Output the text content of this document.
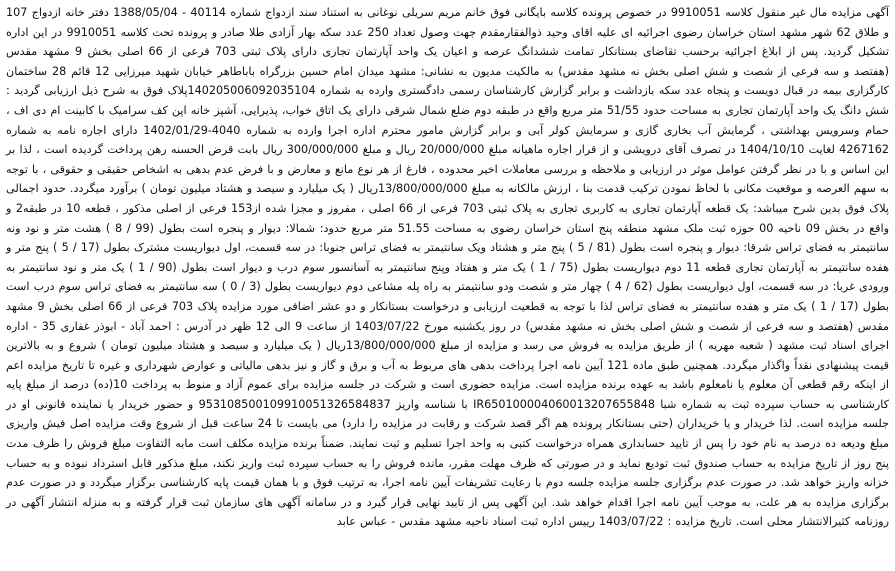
آگهی مزایده مال غیر منقول کلاسه 9910051 در خصوص پرونده کلاسه بایگانی فوق خانم مریم سریلی نوغانی به استناد سند ازدواج شماره 40114 - 1388/05/04 دفتر خانه ازدواج 107 و طلاق 62 شهر مشهد استان خراسان رضوی اجرائیه ای علیه اقای وحید ذوالفقارمقدم جهت وصول تعداد 250 عدد سکه بهار آزادی طلا صادر و پرونده تحت کلاسه 9910051 در این اداره تشکیل گردید. پس از ابلاغ اجرائیه برحسب تقاضای بستانکار تمامت ششدانگ عرصه و اعیان یک واحد آپارتمان تجاری دارای پلاک ثبتی 703 فرعی از 66 اصلی بخش 9 مشهد مقدس (هفتصد و سه فرعی از شصت و شش اصلی بخش نه مشهد مقدس) به مالکیت مدیون به نشانی: مشهد میدان امام حسین بزرگراه باباطاهر خیابان شهید میرزایی 12 قائم 28 ساختمان کارگزاری بیمه در قبال دویست و پنجاه عدد سکه بازداشت و برابر گزارش کارشناسان رسمی دادگستری وارده به شماره 140205006092035104پلاک فوق به شرح ذیل ارزیابی گردید : شش دانگ یک واحد آپارتمان تجاری به مساحت حدود 51/55 متر مربع واقع در طبقه دوم ضلع شمال شرقی دارای یک اتاق خواب، پذیرایی، آشپز خانه اپن کف سرامیک با کابینت ام دی اف ، حمام وسرویس بهداشتی ، گرمایش آب بخاری گازی و سرمایش کولر آبی و برابر گزارش مامور محترم اداره اجرا وارده به شماره 4040-1402/01/29 دارای اجاره نامه به شماره 4267162 لغایت 1404/10/10 در تصرف آقای درویشی و از قرار اجاره ماهیانه مبلغ 20/000/000 ریال و مبلغ 300/000/000 ریال بابت قرض الحسنه رهن پرداخت گردیده است ، لذا بر این اساس و با در نظر گرفتن عوامل موثر در ارزیابی و ملاحظه و بررسی معاملات اخیر محدوده ، فارغ از هر نوع مانع و معارض و با فرض عدم بدهی به اشخاص حقیقی و حقوقی ، با توجه به سهم العرصه و موقعیت مکانی با لحاظ نمودن ترکیب قدمت بنا ، ارزش مالکانه به مبلغ 13/800/000/000ریال ( یک میلیارد و سیصد و هشتاد میلیون تومان ) برآورد میگردد. حدود اجمالی پلاک فوق بدین شرح میباشد: یک قطعه آپارتمان تجاری به کاربری تجاری به پلاک ثبتی 703 فرعی از 66 اصلی ، مفروز و مجزا شده از153 فرعی از اصلی مذکور ، قطعه 10 در طبقه2 و واقع در بخش 09 ناحیه 00 حوزه ثبت ملک مشهد منطقه پنج استان خراسان رضوی به مساحت 51.55 متر مربع حدود: شمالا: دیوار و پنجره است بطول (99 / 8 ) هشت متر و نود ونه سانتیمتر به فضای تراس شرقا: دیوار و پنجره است بطول (81 / 5 ) پنج متر و هشتاد ویک سانتیمتر به فضای تراس جنوبا: در سه قسمت، اول دیواریست مشترک بطول (17 / 5 ) پنج متر و هفده سانتیمتر به آپارتمان تجاری قطعه 11 دوم دیواریست بطول (75 / 1 ) یک متر و هفتاد وپنج سانتیمتر به آسانسور سوم درب و دیوار است بطول (90 / 1 ) یک متر و نود سانتیمتر به ورودی غربا: در سه قسمت، اول دیواریست بطول (62 / 4 ) چهار متر و شصت ودو سانتیمتر به راه پله مشاعی دوم دیواریست بطول (3 / 0 ) سه سانتیمتر به فضای تراس سوم درب است بطول (17 / 1 ) یک متر و هفده سانتیمتر به فضای تراس لذا با توجه به قطعیت ارزیابی و درخواست بستانکار و دو عشر اضافی مورد مزایده پلاک 703 فرعی از 66 اصلی بخش 9 مشهد مقدس (هفتصد و سه فرعی از شصت و شش اصلی بخش نه مشهد مقدس) در روز یکشنبه مورخ 1403/07/22 از ساعت 9 الی 12 ظهر در آدرس : احمد آباد - ابوذر غفاری 35 - اداره اجرای اسناد ثبت مشهد ( شعبه مهریه ) از طریق مزایده به فروش می رسد و مزایده از مبلغ 13/800/000/000ریال ( یک میلیارد و سیصد و هشتاد میلیون تومان ) شروع و به بالاترین قیمت پیشنهادی نقداً واگذار میگردد. همچنین طبق ماده 121 آیین نامه اجرا پرداخت بدهی های مربوط به آب و برق و گاز و نیز بدهی مالیاتی و عوارض شهرداری و غیره تا تاریخ مزایده اعم از اینکه رقم قطعی آن معلوم یا نامعلوم باشد به عهده برنده مزایده است. مزایده حضوری است و شرکت در جلسه مزایده برای عموم آزاد و منوط به پرداخت 10(ده) درصد از مبلغ پایه کارشناسی به حساب سپرده ثبت به شماره شبا IR650100004060013207655848 با شناسه واریز 953108500109910051326584837 و حضور خریدار یا نماینده قانونی او در جلسه مزایده است. لذا خریدار و یا خریداران (حتی بستانکار پرونده هم اگر قصد شرکت و رقابت در مزایده را دارد) می بایست تا 24 ساعت قبل از شروع وقت مزایده اصل فیش واریزی مبلغ ودیعه ده درصد به نام خود را پس از تایید حسابداری همراه درخواست کتبی به واحد اجرا تسلیم و ثبت نمایند. ضمناً برنده مزایده مکلف است مابه التفاوت مبلغ فروش را ظرف مدت پنج روز از تاریخ مزایده به حساب صندوق ثبت تودیع نماید و در صورتی که ظرف مهلت مقرر، مانده فروش را به حساب سپرده ثبت واریز نکند، مبلغ مذکور قابل استرداد نبوده و به حساب خزانه واریز خواهد شد. در صورت عدم برگزاری جلسه مزایده جلسه دوم با رعایت تشریفات آیین نامه اجرا، به ترتیب فوق و با همان قیمت پایه کارشناسی برگزار میگردد و در صورت عدم برگزاری مزایده به هر علت، به موجب آیین نامه اجرا اقدام خواهد شد. این آگهی پس از تایید نهایی قرار گیرد و در سامانه آگهی های سازمان ثبت قرار گرفته و به منزله انتشار آگهی در روزنامه کثیرالانتشار محلی است. تاریخ مزایده : 1403/07/22 رییس اداره ثبت اسناد ناحیه مشهد مقدس - عباس عابد
